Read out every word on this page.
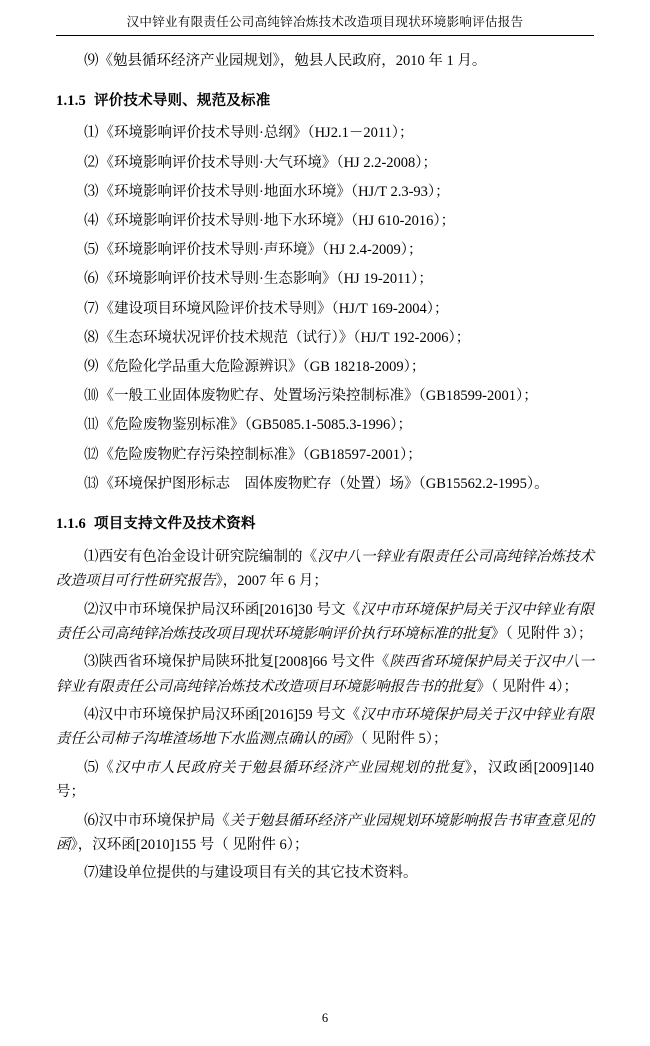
汉中锌业有限责任公司高纯锌冶炼技术改造项目现状环境影响评估报告

⑼《勉县循环经济产业园规划》，勉县人民政府，2010 年 1 月。

1.1.5 评价技术导则、规范及标准

⑴《环境影响评价技术导则·总纲》（HJ2.1－2011）；

⑵《环境影响评价技术导则·大气环境》（HJ 2.2-2008）；

⑶《环境影响评价技术导则·地面水环境》（HJ/T 2.3-93）；

⑷《环境影响评价技术导则·地下水环境》（HJ 610-2016）；

⑸《环境影响评价技术导则·声环境》（HJ 2.4-2009）；

⑹《环境影响评价技术导则·生态影响》（HJ 19-2011）；

⑺《建设项目环境风险评价技术导则》（HJ/T 169-2004）；

⑻《生态环境状况评价技术规范（试行）》（HJ/T 192-2006）；

⑼《危险化学品重大危险源辨识》（GB 18218-2009）；

⑽《一般工业固体废物贮存、处置场污染控制标准》（GB18599-2001）；

⑾《危险废物鉴别标准》（GB5085.1-5085.3-1996）；

⑿《危险废物贮存污染控制标准》（GB18597-2001）；

⒀《环境保护图形标志　固体废物贮存（处置）场》（GB15562.2-1995）。

1.1.6 项目支持文件及技术资料

⑴西安有色冶金设计研究院编制的《汉中八一锌业有限责任公司高纯锌冶炼技术改造项目可行性研究报告》，2007 年 6 月；

⑵汉中市环境保护局汉环函[2016]30 号文《汉中市环境保护局关于汉中锌业有限责任公司高纯锌冶炼技改项目现状环境影响评价执行环境标准的批复》（ 见附件 3）；

⑶陕西省环境保护局陕环批复[2008]66 号文件《陕西省环境保护局关于汉中八一锌业有限责任公司高纯锌冶炼技术改造项目环境影响报告书的批复》（ 见附件 4）；

⑷汉中市环境保护局汉环函[2016]59 号文《汉中市环境保护局关于汉中锌业有限责任公司柿子沟堆渣场地下水监测点确认的函》（ 见附件 5）；

⑸《汉中市人民政府关于勉县循环经济产业园规划的批复》，汉政函[2009]140 号；

⑹汉中市环境保护局《关于勉县循环经济产业园规划环境影响报告书审查意见的函》，汉环函[2010]155 号（ 见附件 6）；

⑺建设单位提供的与建设项目有关的其它技术资料。

6
